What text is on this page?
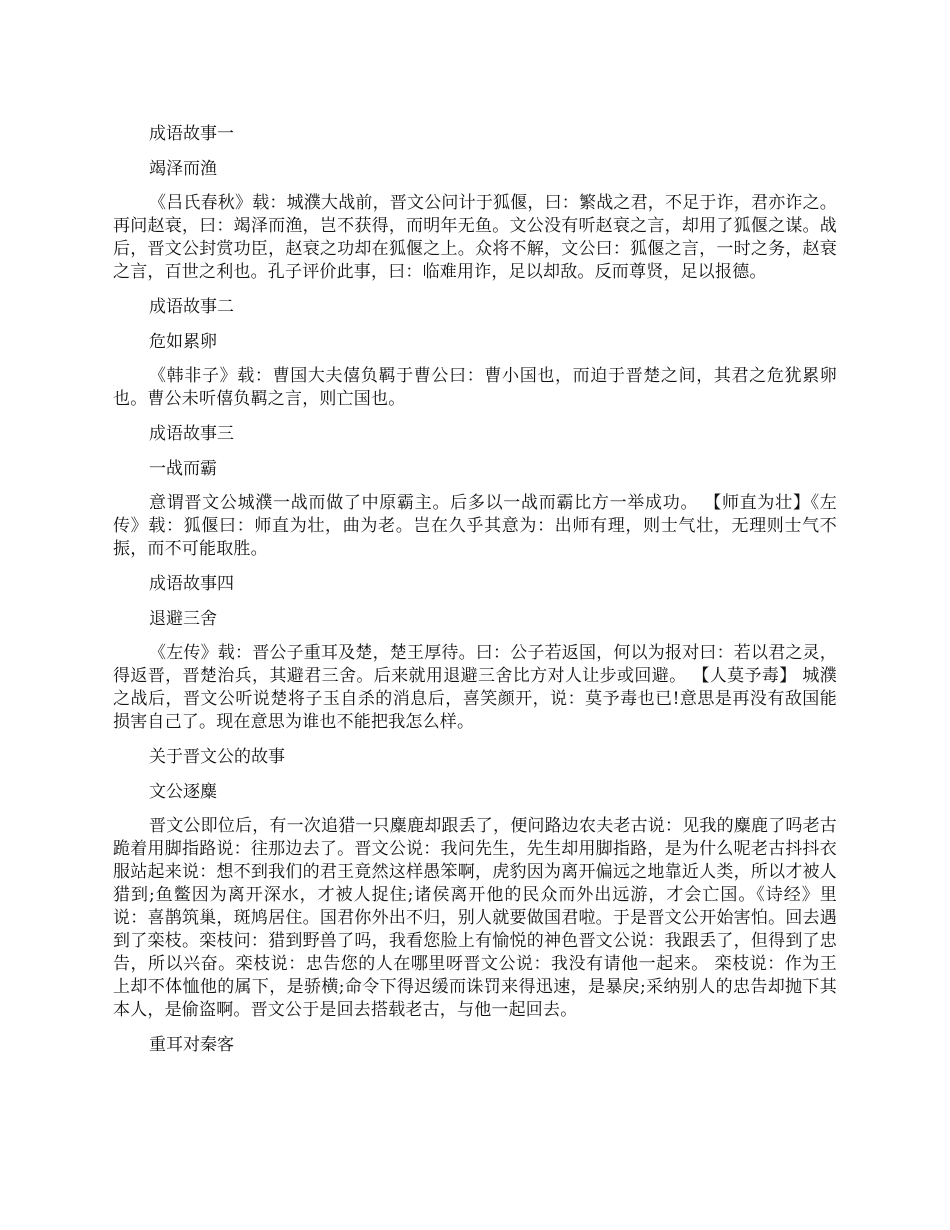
成语故事一

竭泽而渔

《吕氏春秋》载：城濮大战前，晋文公问计于狐偃，曰：繁战之君，不足于诈，君亦诈之。再问赵衰，曰：竭泽而渔，岂不获得，而明年无鱼。文公没有听赵衰之言，却用了狐偃之谋。战后，晋文公封赏功臣，赵衰之功却在狐偃之上。众将不解，文公曰：狐偃之言，一时之务，赵衰之言，百世之利也。孔子评价此事，曰：临难用诈，足以却敌。反而尊贤，足以报德。

成语故事二

危如累卵

《韩非子》载：曹国大夫僖负羁于曹公曰：曹小国也，而迫于晋楚之间，其君之危犹累卵也。曹公未听僖负羁之言，则亡国也。

成语故事三

一战而霸

意谓晋文公城濮一战而做了中原霸主。后多以一战而霸比方一举成功。 【师直为壮】《左传》载：狐偃曰：师直为壮，曲为老。岂在久乎其意为：出师有理，则士气壮，无理则士气不振，而不可能取胜。

成语故事四

退避三舍

《左传》载：晋公子重耳及楚，楚王厚待。曰：公子若返国，何以为报对曰：若以君之灵，得返晋，晋楚治兵，其避君三舍。后来就用退避三舍比方对人让步或回避。 【人莫予毒】 城濮之战后，晋文公听说楚将子玉自杀的消息后，喜笑颜开，说：莫予毒也已!意思是再没有敌国能损害自己了。现在意思为谁也不能把我怎么样。

关于晋文公的故事

文公逐麋

晋文公即位后，有一次追猎一只麋鹿却跟丢了，便问路边农夫老古说：见我的麋鹿了吗老古跪着用脚指路说：往那边去了。晋文公说：我问先生，先生却用脚指路，是为什么呢老古抖抖衣服站起来说：想不到我们的君王竟然这样愚笨啊，虎豹因为离开偏远之地靠近人类，所以才被人猎到;鱼鳖因为离开深水，才被人捉住;诸侯离开他的民众而外出远游，才会亡国。《诗经》里说：喜鹊筑巢，斑鸠居住。国君你外出不归，别人就要做国君啦。于是晋文公开始害怕。回去遇到了栾枝。栾枝问：猎到野兽了吗，我看您脸上有愉悦的神色晋文公说：我跟丢了，但得到了忠告，所以兴奋。栾枝说：忠告您的人在哪里呀晋文公说：我没有请他一起来。 栾枝说：作为王上却不体恤他的属下，是骄横;命令下得迟缓而诛罚来得迅速，是暴戾;采纳别人的忠告却抛下其本人，是偷盗啊。晋文公于是回去搭载老古，与他一起回去。

重耳对秦客
